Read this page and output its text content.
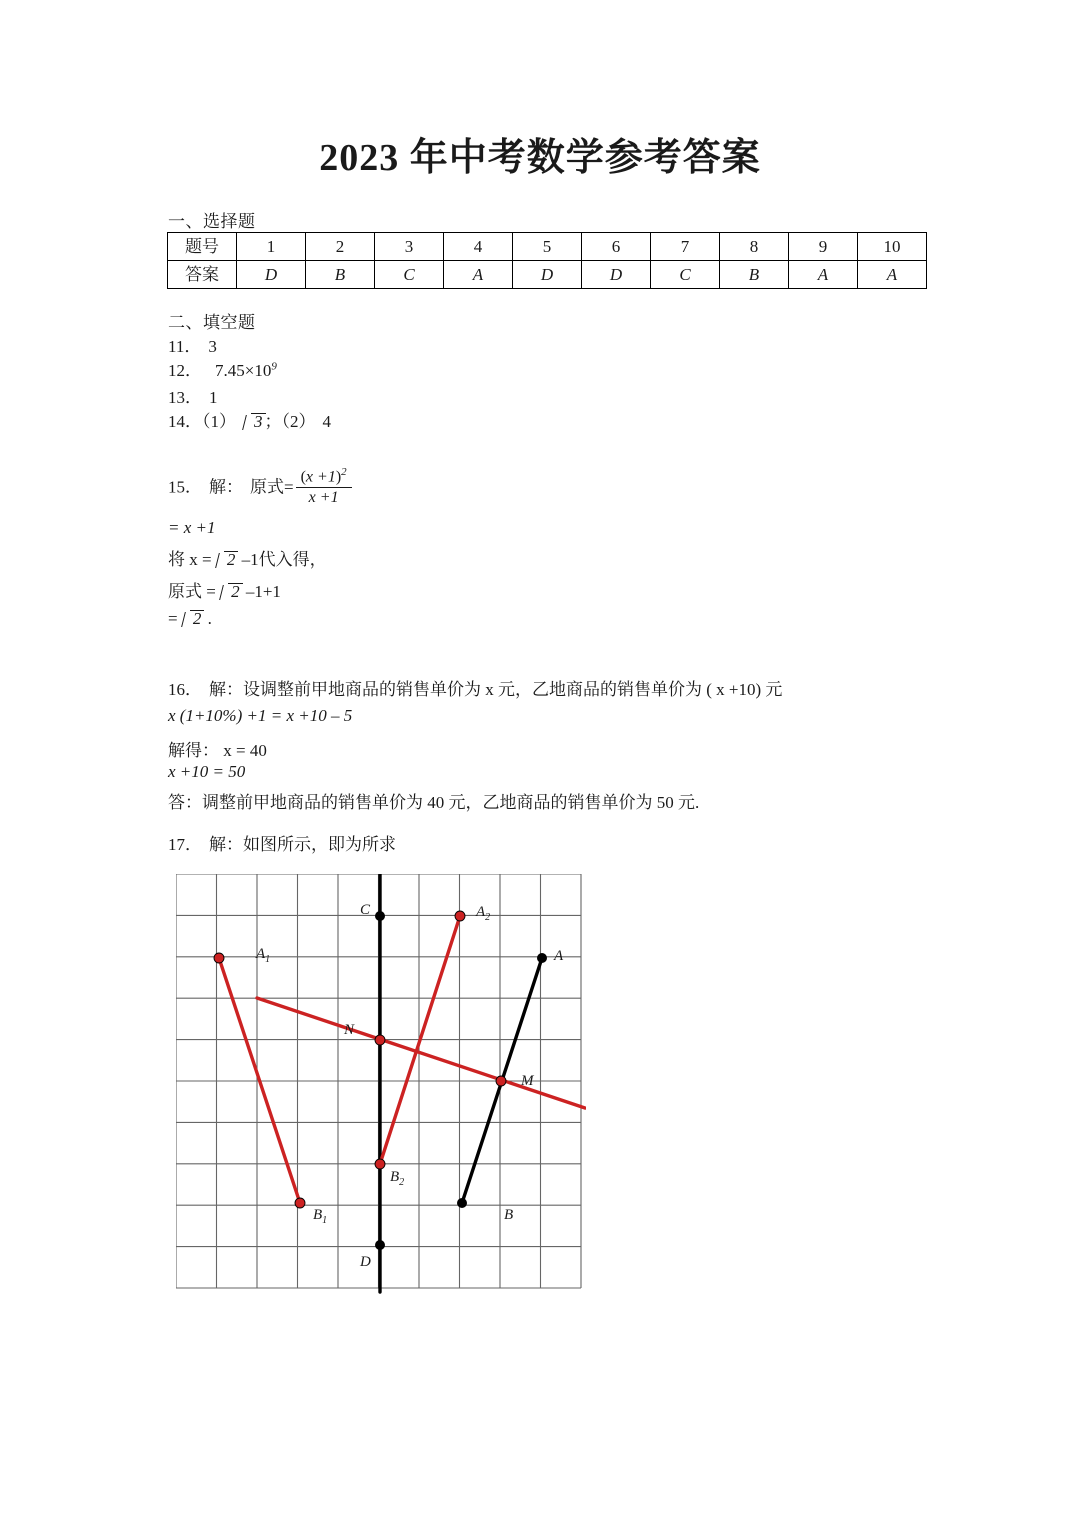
2023 年中考数学参考答案
一、选择题
题号	1	2	3	4	5	6	7	8	9	10
答案	D	B	C	A	D	D	C	B	A	A
二、填空题
11． 3
12． $7.45\times 10^9$
13． 1
14．（1） 3 ；（2） 4
15． 解： 原式= $\frac{(x +1)^2}{x +1}$
= x +1
将 x = 2 –1代入得，
原式 = 2 –1+1
= 2 .
16． 解：设调整前甲地商品的销售单价为 x 元，乙地商品的销售单价为 ( x +10) 元
x (1+10%) +1 = x +10 – 5
解得： x = 40
x +10 = 50
答：调整前甲地商品的销售单价为 40 元，乙地商品的销售单价为 50 元.
17． 解：如图所示，即为所求
C	$A_2$
$A_1$	A
N
M
$B_2$
$B_1$	B
D
